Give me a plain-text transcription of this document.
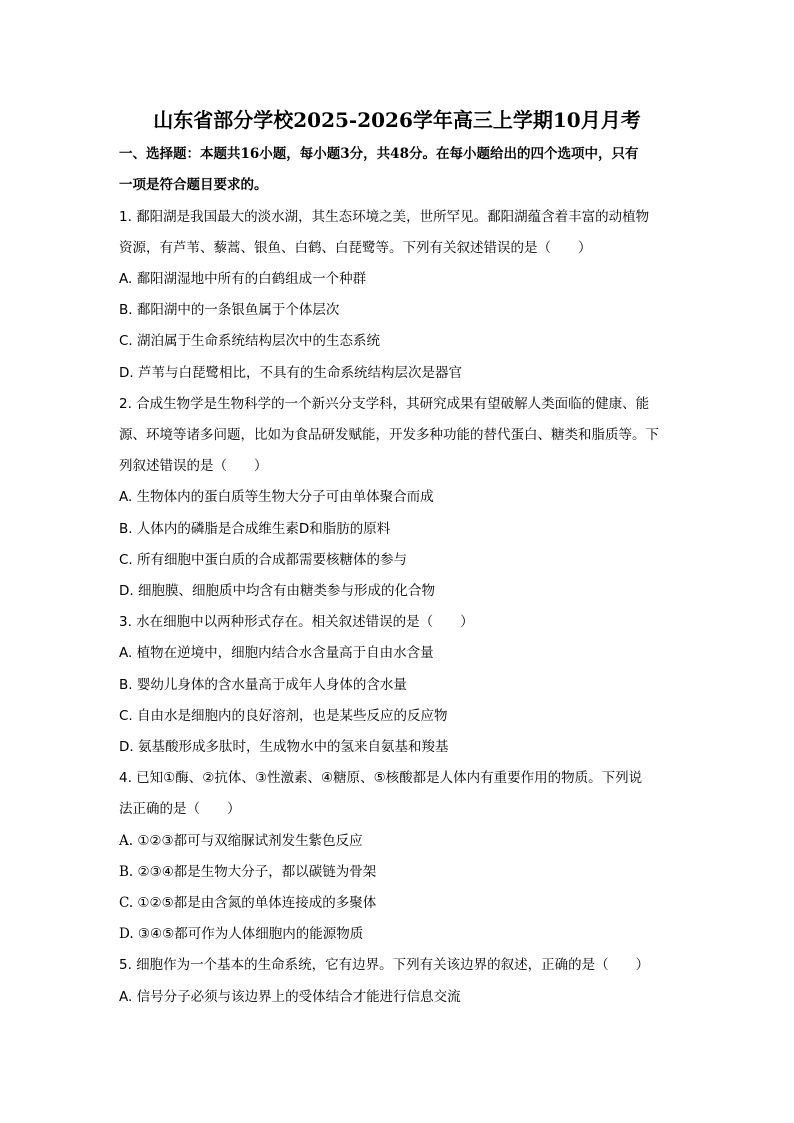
山东省部分学校2025-2026学年高三上学期10月月考
一、选择题：本题共16小题，每小题3分，共48分。在每小题给出的四个选项中，只有
一项是符合题目要求的。
1. 鄱阳湖是我国最大的淡水湖，其生态环境之美，世所罕见。鄱阳湖蕴含着丰富的动植物
资源，有芦苇、藜蒿、银鱼、白鹤、白琵鹭等。下列有关叙述错误的是（　　）
A. 鄱阳湖湿地中所有的白鹤组成一个种群
B. 鄱阳湖中的一条银鱼属于个体层次
C. 湖泊属于生命系统结构层次中的生态系统
D. 芦苇与白琵鹭相比，不具有的生命系统结构层次是器官
2. 合成生物学是生物科学的一个新兴分支学科，其研究成果有望破解人类面临的健康、能
源、环境等诸多问题，比如为食品研发赋能，开发多种功能的替代蛋白、糖类和脂质等。下
列叙述错误的是（　　）
A. 生物体内的蛋白质等生物大分子可由单体聚合而成
B. 人体内的磷脂是合成维生素D和脂肪的原料
C. 所有细胞中蛋白质的合成都需要核糖体的参与
D. 细胞膜、细胞质中均含有由糖类参与形成的化合物
3. 水在细胞中以两种形式存在。相关叙述错误的是（　　）
A. 植物在逆境中，细胞内结合水含量高于自由水含量
B. 婴幼儿身体的含水量高于成年人身体的含水量
C. 自由水是细胞内的良好溶剂，也是某些反应的反应物
D. 氨基酸形成多肽时，生成物水中的氢来自氨基和羧基
4. 已知①酶、②抗体、③性激素、④糖原、⑤核酸都是人体内有重要作用的物质。下列说
法正确的是（　　）
A. ①②③都可与双缩脲试剂发生紫色反应
B. ②③④都是生物大分子，都以碳链为骨架
C. ①②⑤都是由含氮的单体连接成的多聚体
D. ③④⑤都可作为人体细胞内的能源物质
5. 细胞作为一个基本的生命系统，它有边界。下列有关该边界的叙述，正确的是（　　）
A. 信号分子必须与该边界上的受体结合才能进行信息交流
